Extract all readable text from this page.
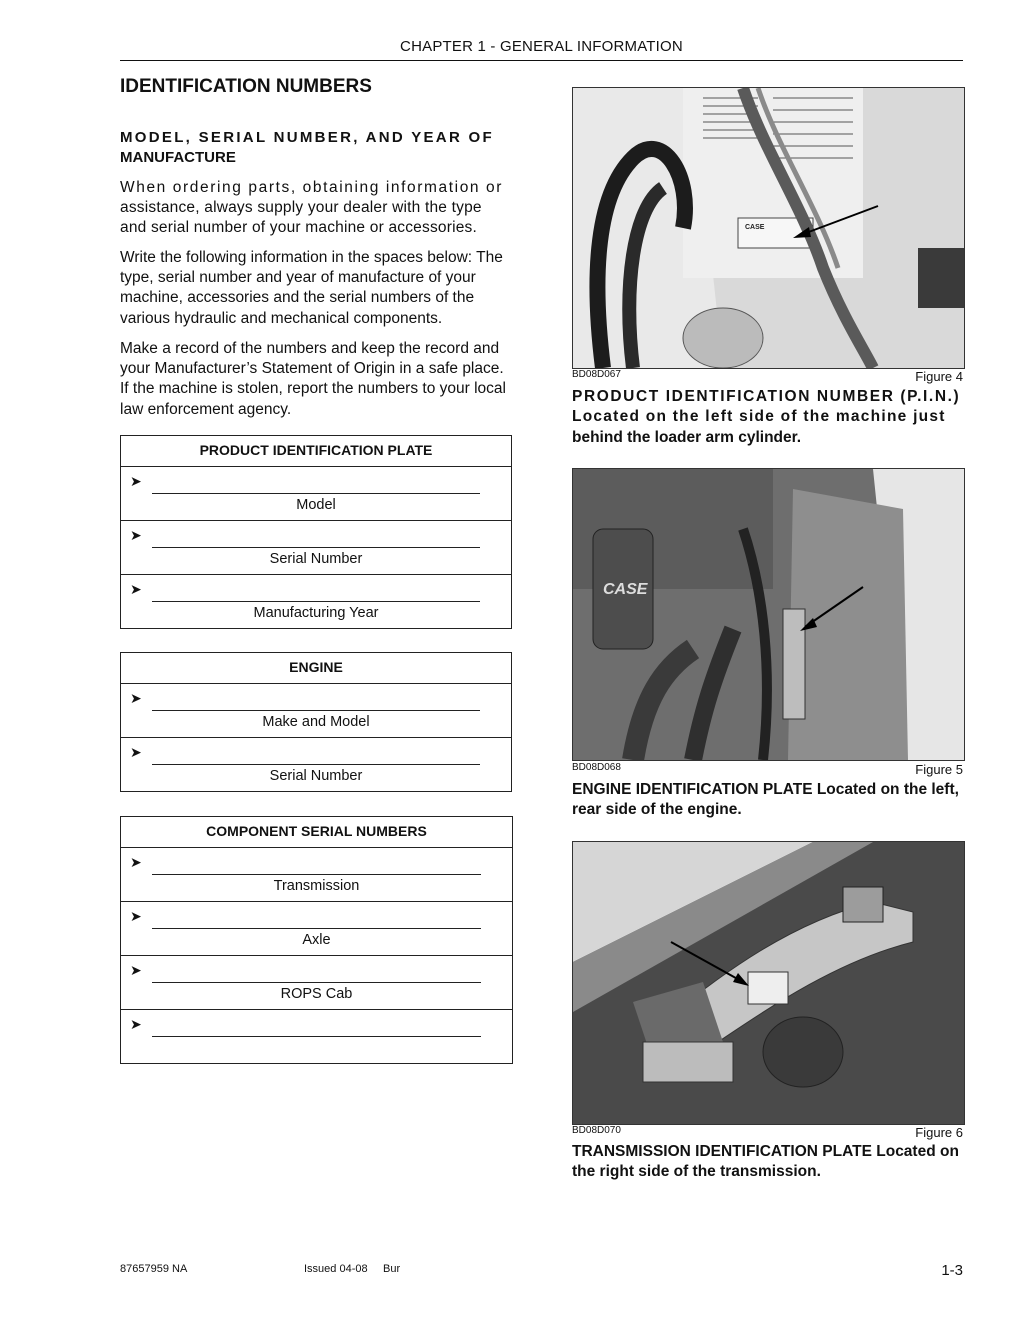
CHAPTER 1 - GENERAL INFORMATION
IDENTIFICATION NUMBERS
MODEL, SERIAL NUMBER, AND YEAR OF
MANUFACTURE
When ordering parts, obtaining information or
assistance, always supply your dealer with the type and serial number of your machine or accessories.
Write the following information in the spaces below: The type, serial number and year of manufacture of your machine, accessories and the serial numbers of the various hydraulic and mechanical components.
Make a record of the numbers and keep the record and your Manufacturer’s Statement of Origin in a safe place. If the machine is stolen, report the numbers to your local law enforcement agency.
PRODUCT IDENTIFICATION PLATE
➤
Model
➤
Serial Number
➤
Manufacturing Year
ENGINE
➤
Make and Model
➤
Serial Number
COMPONENT SERIAL NUMBERS
➤
Transmission
➤
Axle
➤
ROPS Cab
➤
CASE
BD08D067	Figure 4
PRODUCT IDENTIFICATION NUMBER (P.I.N.)
Located on the left side of the machine just
behind the loader arm cylinder.
CASE
BD08D068	Figure 5
ENGINE IDENTIFICATION PLATE Located on the left, rear side of the engine.
BD08D070	Figure 6
TRANSMISSION IDENTIFICATION PLATE Located on the right side of the transmission.
87657959 NA	Issued 04-08 Bur	1-3
